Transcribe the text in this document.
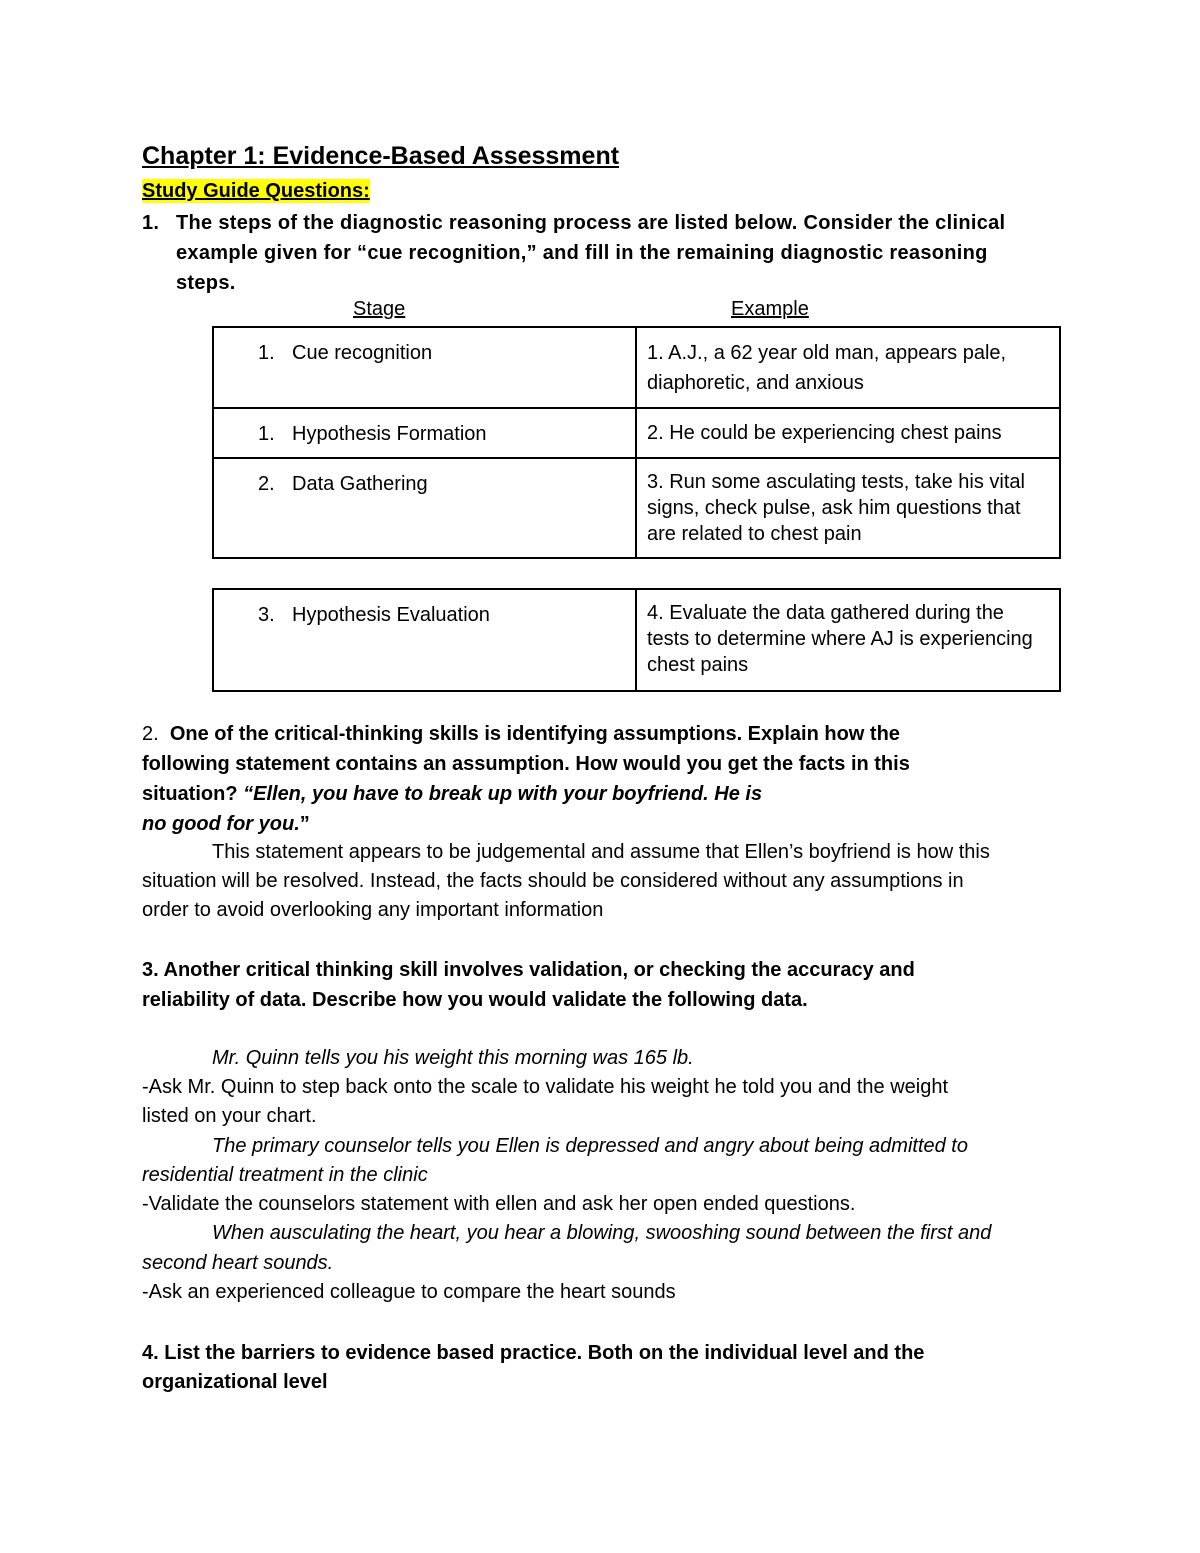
Chapter 1: Evidence-Based Assessment
Study Guide Questions:
1. The steps of the diagnostic reasoning process are listed below. Consider the clinical example given for “cue recognition,” and fill in the remaining diagnostic reasoning steps.
Stage	Example
1. Cue recognition	1. A.J., a 62 year old man, appears pale, diaphoretic, and anxious

1. Hypothesis Formation	2. He could be experiencing chest pains

2. Data Gathering	3. Run some asculating tests, take his vital signs, check pulse, ask him questions that are related to chest pain
3. Hypothesis Evaluation	4. Evaluate the data gathered during the tests to determine where AJ is experiencing chest pains
2. One of the critical-thinking skills is identifying assumptions. Explain how the
following statement contains an assumption. How would you get the facts in this
situation? “Ellen, you have to break up with your boyfriend. He is
no good for you.”
This statement appears to be judgemental and assume that Ellen’s boyfriend is how this
situation will be resolved. Instead, the facts should be considered without any assumptions in
order to avoid overlooking any important information
3. Another critical thinking skill involves validation, or checking the accuracy and
reliability of data. Describe how you would validate the following data.
Mr. Quinn tells you his weight this morning was 165 lb.
-Ask Mr. Quinn to step back onto the scale to validate his weight he told you and the weight
listed on your chart.
The primary counselor tells you Ellen is depressed and angry about being admitted to
residential treatment in the clinic
-Validate the counselors statement with ellen and ask her open ended questions.
When ausculating the heart, you hear a blowing, swooshing sound between the first and
second heart sounds.
-Ask an experienced colleague to compare the heart sounds
4. List the barriers to evidence based practice. Both on the individual level and the
organizational level
